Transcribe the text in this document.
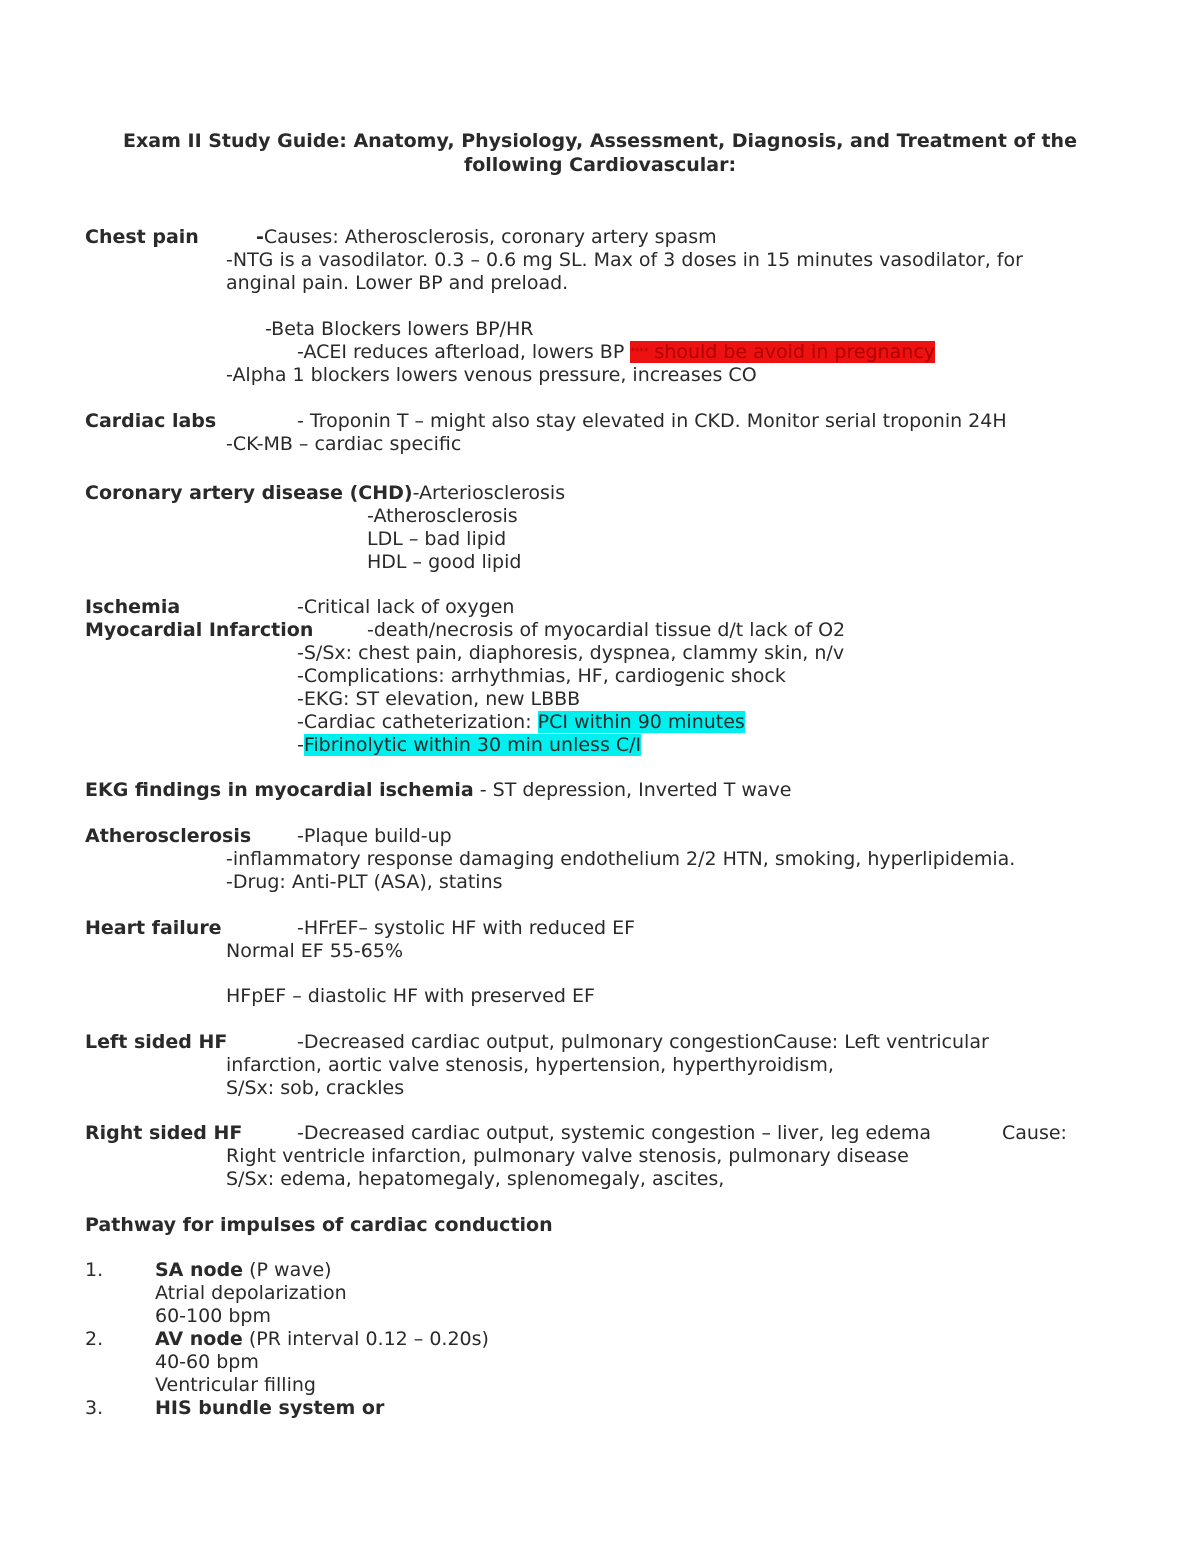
Exam II Study Guide: Anatomy, Physiology, Assessment, Diagnosis, and Treatment of the
following Cardiovascular:
Chest pain	-Causes: Atherosclerosis, coronary artery spasm
-NTG is a vasodilator. 0.3 – 0.6 mg SL. Max of 3 doses in 15 minutes vasodilator, for
anginal pain. Lower BP and preload.
-Beta Blockers lowers BP/HR
-ACEI reduces afterload, lowers BP **** should be avoid in pregnancy
-Alpha 1 blockers lowers venous pressure, increases CO
Cardiac labs	- Troponin T – might also stay elevated in CKD. Monitor serial troponin 24H
-CK-MB – cardiac specific
Coronary artery disease (CHD)-Arteriosclerosis
-Atherosclerosis
LDL – bad lipid
HDL – good lipid
Ischemia	-Critical lack of oxygen
Myocardial Infarction	-death/necrosis of myocardial tissue d/t lack of O2
-S/Sx: chest pain, diaphoresis, dyspnea, clammy skin, n/v
-Complications: arrhythmias, HF, cardiogenic shock
-EKG: ST elevation, new LBBB
-Cardiac catheterization: PCI within 90 minutes
-Fibrinolytic within 30 min unless C/I
EKG findings in myocardial ischemia - ST depression, Inverted T wave
Atherosclerosis -Plaque build-up
-inflammatory response damaging endothelium 2/2 HTN, smoking, hyperlipidemia.
-Drug: Anti-PLT (ASA), statins
Heart failure	-HFrEF– systolic HF with reduced EF
Normal EF 55-65%
HFpEF – diastolic HF with preserved EF
Left sided HF	-Decreased cardiac output, pulmonary congestionCause: Left ventricular
infarction, aortic valve stenosis, hypertension, hyperthyroidism,
S/Sx: sob, crackles
Right sided HF	-Decreased cardiac output, systemic congestion – liver, leg edema	Cause:
Right ventricle infarction, pulmonary valve stenosis, pulmonary disease
S/Sx: edema, hepatomegaly, splenomegaly, ascites,
Pathway for impulses of cardiac conduction
1.	SA node (P wave)
Atrial depolarization
60-100 bpm
2.	AV node (PR interval 0.12 – 0.20s)
40-60 bpm
Ventricular filling
3.	HIS bundle system or
